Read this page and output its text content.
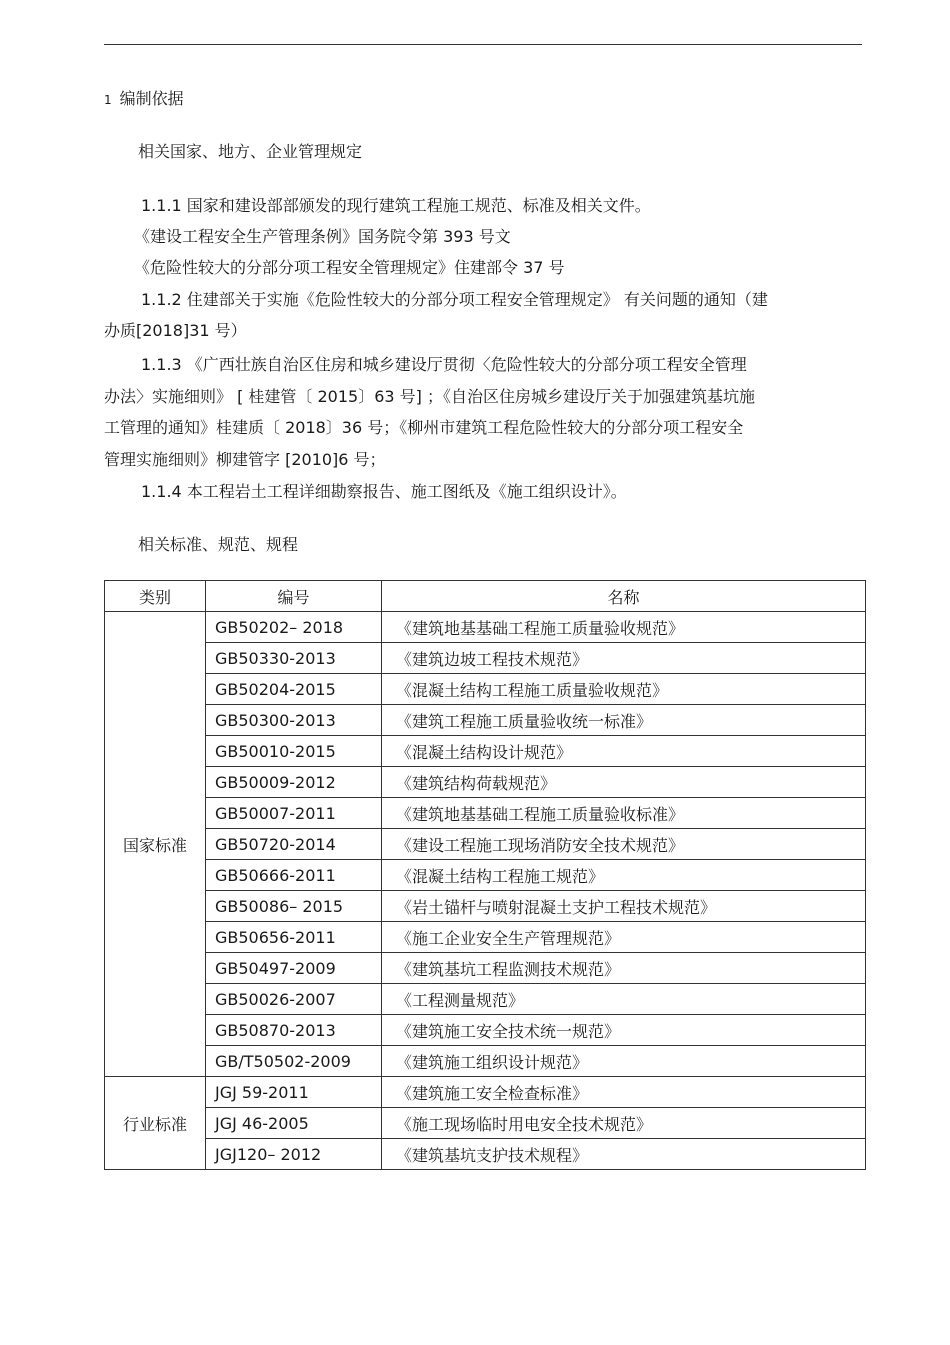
1 编制依据
相关国家、地方、企业管理规定
1.1.1 国家和建设部部颁发的现行建筑工程施工规范、标准及相关文件。
《建设工程安全生产管理条例》国务院令第 393 号文
《危险性较大的分部分项工程安全管理规定》住建部令 37 号
1.1.2 住建部关于实施《危险性较大的分部分项工程安全管理规定》 有关问题的通知（建
办质[2018]31 号）
1.1.3 《广西壮族自治区住房和城乡建设厅贯彻〈危险性较大的分部分项工程安全管理
办法〉实施细则》 [ 桂建管〔 2015〕63 号] ；《自治区住房城乡建设厅关于加强建筑基坑施
工管理的通知》桂建质〔 2018〕36 号；《柳州市建筑工程危险性较大的分部分项工程安全
管理实施细则》柳建管字 [2010]6 号；
1.1.4 本工程岩土工程详细勘察报告、施工图纸及《施工组织设计》。
相关标准、规范、规程
类别	编号	名称
国家标准	GB50202– 2018	《建筑地基基础工程施工质量验收规范》
	GB50330-2013	《建筑边坡工程技术规范》
	GB50204-2015	《混凝土结构工程施工质量验收规范》
	GB50300-2013	《建筑工程施工质量验收统一标准》
	GB50010-2015	《混凝土结构设计规范》
	GB50009-2012	《建筑结构荷载规范》
	GB50007-2011	《建筑地基基础工程施工质量验收标准》
	GB50720-2014	《建设工程施工现场消防安全技术规范》
	GB50666-2011	《混凝土结构工程施工规范》
	GB50086– 2015	《岩土锚杆与喷射混凝土支护工程技术规范》
	GB50656-2011	《施工企业安全生产管理规范》
	GB50497-2009	《建筑基坑工程监测技术规范》
	GB50026-2007	《工程测量规范》
	GB50870-2013	《建筑施工安全技术统一规范》
	GB/T50502-2009	《建筑施工组织设计规范》
行业标准	JGJ 59-2011	《建筑施工安全检查标准》
	JGJ 46-2005	《施工现场临时用电安全技术规范》
	JGJ120– 2012	《建筑基坑支护技术规程》
